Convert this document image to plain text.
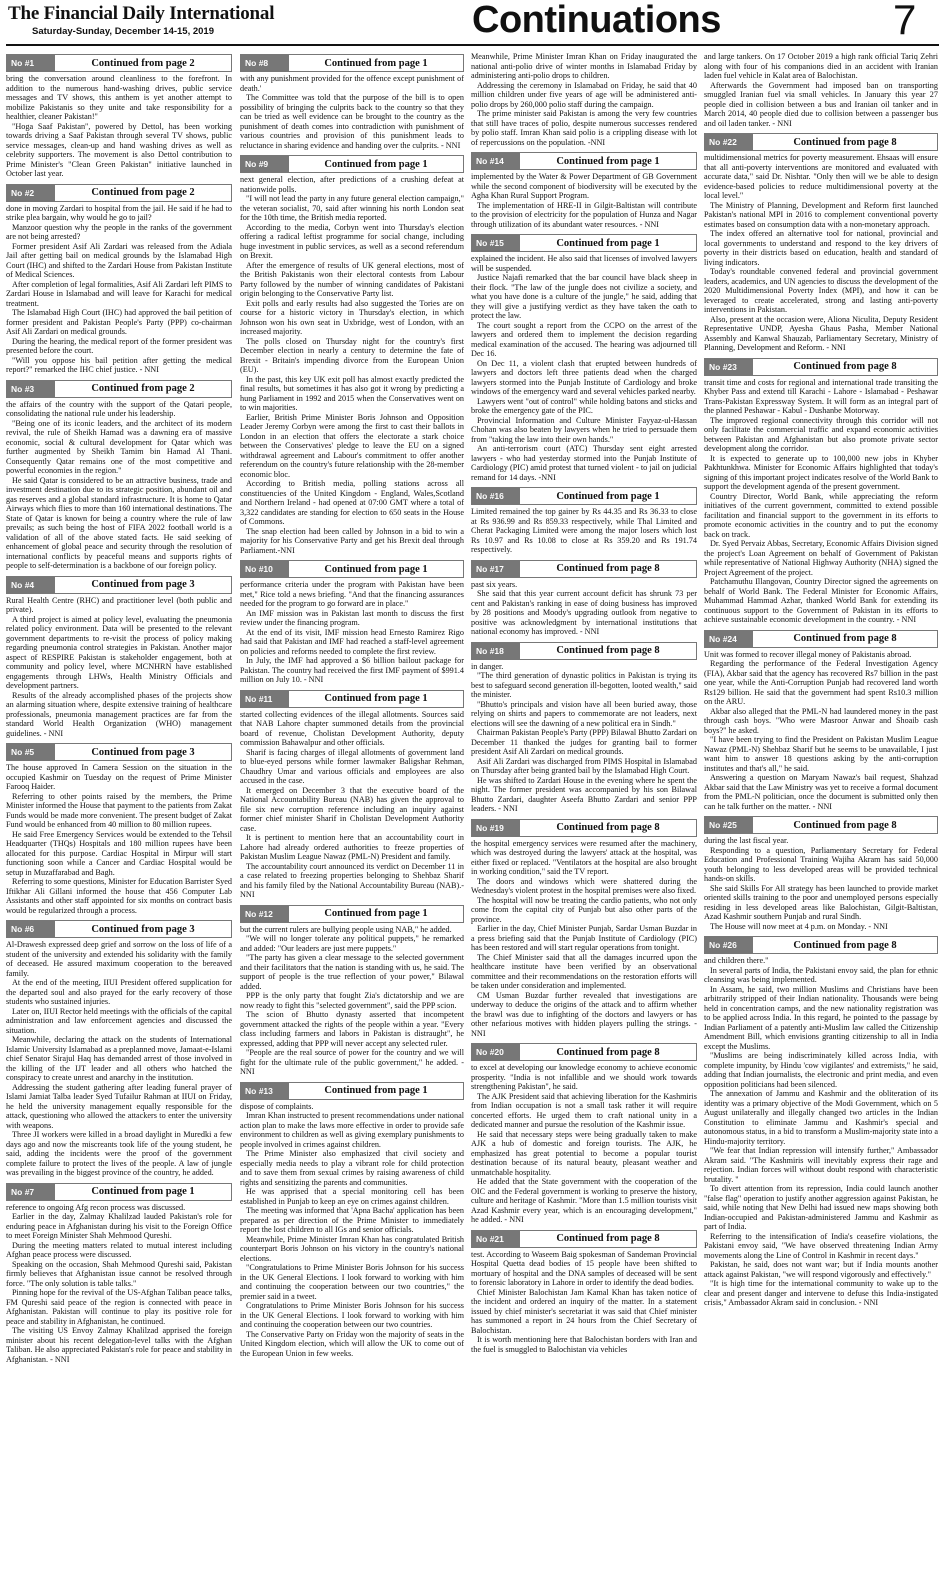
The Financial Daily International
Saturday-Sunday, December 14-15, 2019	Continuations	7
No #1	Continued from page 2

bring the conversation around cleanliness to the forefront. In addition to the numerous hand-washing drives, public service messages and TV shows, this anthem is yet another attempt to mobilize Pakistanis so they unite and take responsibility for a healthier, cleaner Pakistan!"

"Hoga Saaf Pakistan", powered by Dettol, has been working towards driving a Saaf Pakistan through several TV shows, public service messages, clean-up and hand washing drives as well as celebrity supporters. The movement is also Dettol contribution to Prime Minister's "Clean Green Pakistan" initiative launched in October last year.

No #2	Continued from page 2

done in moving Zardari to hospital from the jail. He said if he had to strike plea bargain, why would he go to jail?

Manzoor question why the people in the ranks of the government are not being arrested?

Former president Asif Ali Zardari was released from the Adiala Jail after getting bail on medical grounds by the Islamabad High Court (IHC) and shifted to the Zardari House from Pakistan Institute of Medical Sciences.

After completion of legal formalities, Asif Ali Zardari left PIMS to Zardari House in Islamabad and will leave for Karachi for medical treatment.

The Islamabad High Court (IHC) had approved the bail petition of former president and Pakistan People's Party (PPP) co-chairman Asif Ali Zardari on medical grounds.

During the hearing, the medical report of the former president was presented before the court.

"Will you oppose his bail petition after getting the medical report?" remarked the IHC chief justice. - NNI

No #3	Continued from page 2

the affairs of the country with the support of the Qatari people, consolidating the national rule under his leadership.

"Being one of its iconic leaders, and the architect of its modern revival, the rule of Sheikh Hamad was a dawning era of massive economic, social & cultural development for Qatar which was further augmented by Sheikh Tamim bin Hamad Al Thani. Consequently Qatar remains one of the most competitive and powerful economies in the region."

He said Qatar is considered to be an attractive business, trade and investment destination due to its strategic position, abundant oil and gas reserves and a global standard infrastructure. It is home to Qatar Airways which flies to more than 160 international destinations. The State of Qatar is known for being a country where the rule of law prevails; as such being the host of FIFA 2022 football world is a validation of all of the above stated facts. He said seeking of enhancement of global peace and security through the resolution of international conflicts by peaceful means and supports rights of people to self-determination is a backbone of our foreign policy.

No #4	Continued from page 3

Rural Health Centre (RHC) and practitioner level (both public and private).

A third project is aimed at policy level, evaluating the pneumonia related policy environment. Data will be presented to the relevant government departments to re-visit the process of policy making regarding pneumonia control strategies in Pakistan. Another major aspect of RESPIRE Pakistan is stakeholder engagement, both at community and policy level, where MCNHRN have established engagements through LHWs, Health Ministry Officials and development partners.

Results of the already accomplished phases of the projects show an alarming situation where, despite extensive training of healthcare professionals, pneumonia management practices are far from the standard World Health Organization (WHO) management guidelines. - NNI

No #5	Continued from page 3

The house approved In Camera Session on the situation in the occupied Kashmir on Tuesday on the request of Prime Minister Farooq Haider.

Referring to other points raised by the members, the Prime Minister informed the House that payment to the patients from Zakat Funds would be made more convenient. The present budget of Zakat Fund would be enhanced from 40 million to 80 million rupees.

He said Free Emergency Services would be extended to the Tehsil Headquarter (THQs) Hospitals and 180 million rupees have been allocated for this purpose. Cardiac Hospital in Mirpur will start functioning soon while a Cancer and Cardiac Hospital would be setup in Muzaffarabad and Bagh.

Referring to some questions, Minister for Education Barrister Syed Iftikhar Ali Gillani informed the house that 456 Computer Lab Assistants and other staff appointed for six months on contract basis would be regularized through a process.

No #6	Continued from page 3

Al-Drawesh expressed deep grief and sorrow on the loss of life of a student of the university and extended his solidarity with the family of deceased. He assured maximum cooperation to the bereaved family.

At the end of the meeting, IIUI President offered supplication for the departed soul and also prayed for the early recovery of those students who sustained injuries.

Later on, IIUI Rector held meetings with the officials of the capital administration and law enforcement agencies and discussed the situation.

Meanwhile, declaring the attack on the students of International Islamic University Islamabad as a preplanned move, Jamaat-e-Islami chief Senator Sirajul Haq has demanded arrest of those involved in the killing of the IJT leader and all others who hatched the conspiracy to create unrest and anarchy in the institution.

Addressing the student gathering after leading funeral prayer of Islami Jamiat Talba leader Syed Tufailur Rahman at IIUI on Friday, he held the university management equally responsible for the attack, questioning who allowed the attackers to enter the university with weapons.

Three JI workers were killed in a broad daylight in Muredki a few days ago and now the miscreants took life of the young student, he said, adding the incidents were the proof of the government complete failure to protect the lives of the people. A law of jungle was prevailing in the biggest province of the country, he added.

No #7	Continued from page 1

reference to ongoing Afg recon process was discussed.

Earlier in the day, Zalmay Khalilzad lauded Pakistan's role for enduring peace in Afghanistan during his visit to the Foreign Office to meet Foreign Minister Shah Mehmood Qureshi.

During the meeting matters related to mutual interest including Afghan peace process were discussed.

Speaking on the occasion, Shah Mehmood Qureshi said, Pakistan firmly believes that Afghanistan issue cannot be resolved through force. "The only solution is table talks."

Pinning hope for the revival of the US-Afghan Taliban peace talks, FM Qureshi said peace of the region is connected with peace in Afghanistan. Pakistan will continue to play its positive role for peace and stability in Afghanistan, he continued.

The visiting US Envoy Zalmay Khalilzad apprised the foreign minister about his recent delegation-level talks with the Afghan Taliban. He also appreciated Pakistan's role for peace and stability in Afghanistan. - NNI

No #8	Continued from page 1

with any punishment provided for the offence except punishment of death.'

The Committee was told that the purpose of the bill is to open possibility of bringing the culprits back to the country so that they can be tried as well evidence can be brought to the country as the punishment of death comes into contradiction with punishment of various countries and provision of this punishment leads to reluctance in sharing evidence and handing over the culprits. - NNI

No #9	Continued from page 1

next general election, after predictions of a crushing defeat at nationwide polls.

"I will not lead the party in any future general election campaign," the veteran socialist, 70, said after winning his north London seat for the 10th time, the British media reported.

According to the media, Corbyn went into Thursday's election offering a radical leftist programme for social change, including huge investment in public services, as well as a second referendum on Brexit.

After the emergence of results of UK general elections, most of the British Pakistanis won their electoral contests from Labour Party followed by the number of winning candidates of Pakistani origin belonging to the Conservative Party list.

Exit polls and early results had also suggested the Tories are on course for a historic victory in Thursday's election, in which Johnson won his own seat in Uxbridge, west of London, with an increased majority.

The polls closed on Thursday night for the country's first December election in nearly a century to determine the fate of Brexit - Britain's impending divorce from the European Union (EU).

In the past, this key UK exit poll has almost exactly predicted the final results, but sometimes it has also got it wrong by predicting a hung Parliament in 1992 and 2015 when the Conservatives went on to win majorities.

Earlier, British Prime Minister Boris Johnson and Opposition Leader Jeremy Corbyn were among the first to cast their ballots in London in an election that offers the electorate a stark choice between the Conservatives' pledge to leave the EU on a signed withdrawal agreement and Labour's commitment to offer another referendum on the country's future relationship with the 28-member economic bloc.

According to British media, polling stations across all constituencies of the United Kingdom - England, Wales,Scotland and Northern Ireland - had opened at 07:00 GMT where a total of 3,322 candidates are standing for election to 650 seats in the House of Commons.

The snap election had been called by Johnson in a bid to win a majority for his Conservative Party and get his Brexit deal through Parliament.-NNI

No #10	Continued from page 1

performance criteria under the program with Pakistan have been met," Rice told a news briefing. "And that the financing assurances needed for the program to go forward are in place."

An IMF mission was in Pakistan last month to discuss the first review under the financing program.

At the end of its visit, IMF mission head Ernesto Ramirez Rigo had said that Pakistan and IMF had reached a staff-level agreement on policies and reforms needed to complete the first review.

In July, the IMF had approved a $6 billion bailout package for Pakistan. The country had received the first IMF payment of $991.4 million on July 10. - NNI

No #11	Continued from page 1

started collecting evidences of the illegal allotments. Sources said that NAB Lahore chapter summoned details from the provincial board of revenue, Cholistan Development Authority, deputy commission Bahawalpur and other officials.

Sharif is facing charges of illegal allotments of government land to blue-eyed persons while former lawmaker Baligshar Rehman, Chaudhry Umar and various officials and employees are also accused in the case.

It emerged on December 3 that the executive board of the National Accountability Bureau (NAB) has given the approval to file six new corruption reference including an inquiry against former chief minister Sharif in Cholistan Development Authority case.

It is pertinent to mention here that an accountability court in Lahore had already ordered authorities to freeze properties of Pakistan Muslim League Nawaz (PML-N) President and family.

The accountability court announced its verdict on December 11 in a case related to freezing properties belonging to Shehbaz Sharif and his family filed by the National Accountability Bureau (NAB).- NNI

No #12	Continued from page 1

but the current rulers are bullying people using NAB," he added.

"We will no longer tolerate any political puppets," he remarked and added: "Our leaders are just mere puppets."

"The party has given a clear message to the selected government and their facilitators that the nation is standing with us, he said. The support of people is the true reflection of your power," Bilawal added.

PPP is the only party that fought Zia's dictatorship and we are now ready to fight this "selected government", said the PPP scion.

The scion of Bhutto dynasty asserted that incompetent government attacked the rights of the people within a year. "Every class including farmers and labors in Pakistan is distraught", he expressed, adding that PPP will never accept any selected ruler.

"People are the real source of power for the country and we will fight for the ultimate rule of the public government," he added. -NNI

No #13	Continued from page 1

dispose of complaints.

Imran Khan instructed to present recommendations under national action plan to make the laws more effective in order to provide safe environment to children as well as giving exemplary punishments to people involved in crimes against children.

The Prime Minister also emphasized that civil society and especially media needs to play a vibrant role for child protection and to save them from sexual crimes by raising awareness of child rights and sensitizing the parents and communities.

He was apprised that a special monitoring cell has been established in Punjab to keep an eye on crimes against children.

The meeting was informed that 'Apna Bacha' application has been prepared as per direction of the Prime Minister to immediately report the lost children to all IGs and senior officials.

Meanwhile, Prime Minister Imran Khan has congratulated British counterpart Boris Johnson on his victory in the country's national elections.

"Congratulations to Prime Minister Boris Johnson for his success in the UK General Elections. I look forward to working with him and continuing the cooperation between our two countries," the premier said in a tweet.

Congratulations to Prime Minister Boris Johnson for his success in the UK General Elections. I look forward to working with him and continuing the cooperation between our two countries.

The Conservative Party on Friday won the majority of seats in the United Kingdom election, which will allow the UK to come out of the European Union in few weeks.

Meanwhile, Prime Minister Imran Khan on Friday inaugurated the national anti-polio drive of winter months in Islamabad Friday by administering anti-polio drops to children.

Addressing the ceremony in Islamabad on Friday, he said that 40 million children under five years of age will be administered anti-polio drops by 260,000 polio staff during the campaign.

The prime minister said Pakistan is among the very few countries that still have traces of polio, despite numerous successes rendered by polio staff. Imran Khan said polio is a crippling disease with lot of repercussions on the population. -NNI

No #14	Continued from page 1

implemented by the Water & Power Department of GB Government while the second component of biodiversity will be executed by the Agha Khan Rural Support Program.

The implementation of HRE-II in Gilgit-Baltistan will contribute to the provision of electricity for the population of Hunza and Nagar through utilization of its abundant water resources. - NNI

No #15	Continued from page 1

explained the incident. He also said that licenses of involved lawyers will be suspended.

Justice Najafi remarked that the bar council have black sheep in their flock. "The law of the jungle does not civilize a society, and what you have done is a culture of the jungle," he said, adding that they will give a justifying verdict as they have taken the oath to protect the law.

The court sought a report from the CCPO on the arrest of the lawyers and ordered them to implement the decision regarding medical examination of the accused. The hearing was adjourned till Dec 16.

On Dec 11, a violent clash that erupted between hundreds of lawyers and doctors left three patients dead when the charged lawyers stormed into the Punjab Institute of Cardiology and broke windows of the emergency ward and several vehicles parked nearby.

Lawyers went "out of control" while holding batons and sticks and broke the emergency gate of the PIC.

Provincial Information and Culture Minister Fayyaz-ul-Hassan Chohan was also beaten by lawyers when he tried to persuade them from "taking the law into their own hands."

An anti-terrorism court (ATC) Thursday sent eight arrested lawyers - who had yesterday stormed into the Punjab Institute of Cardiology (PIC) amid protest that turned violent - to jail on judicial remand for 14 days. -NNI

No #16	Continued from page 1

Limited remained the top gainer by Rs 44.35 and Rs 36.33 to close at Rs 936.99 and Rs 859.33 respectively, while Thal Limited and Cherat Packaging Limited were among the major losers which lost Rs 10.97 and Rs 10.08 to close at Rs 359.20 and Rs 191.74 respectively.

No #17	Continued from page 8

past six years.

She said that this year current account deficit has shrunk 73 per cent and Pakistan's ranking in ease of doing business has improved by 28 positions and Moody's upgrading outlook from negative to positive was acknowledgment by international institutions that national economy has improved. - NNI

No #18	Continued from page 8

in danger.

"The third generation of dynastic politics in Pakistan is trying its best to safeguard second generation ill-begotten, looted wealth," said the minister.

"Bhutto's principals and vision have all been buried away, those relying on shirts and papers to commemorate are not leaders, next elections will see the dawning of a new political era in Sindh."

Chairman Pakistan People's Party (PPP) Bilawal Bhutto Zardari on December 11 thanked the judges for granting bail to former president Asif Ali Zardari on medical grounds.

Asif Ali Zardari was discharged from PIMS Hospital in Islamabad on Thursday after being granted bail by the Islamabad High Court.

He was shifted to Zardari House in the evening where he spent the night. The former president was accompanied by his son Bilawal Bhutto Zardari, daughter Aseefa Bhutto Zardari and senior PPP leaders. - NNI

No #19	Continued from page 8

the hospital emergency services were resumed after the machinery, which was destroyed during the lawyers' attack at the hospital, was either fixed or replaced. "Ventilators at the hospital are also brought in working condition," said the TV report.

The doors and windows which were shattered during the Wednesday's violent protest in the hospital premises were also fixed.

The hospital will now be treating the cardio patients, who not only come from the capital city of Punjab but also other parts of the province.

Earlier in the day, Chief Minister Punjab, Sardar Usman Buzdar in a press briefing said that the Punjab Institute of Cardiology (PIC) has been restored and will start regular operations from tonight.

The Chief Minister said that all the damages incurred upon the healthcare institute have been verified by an observational committee and their recommendations on the restoration efforts will be taken under consideration and implemented.

CM Usman Buzdar further revealed that investigations are underway to deduce the origins of the attack and to affirm whether the brawl was due to infighting of the doctors and lawyers or has other nefarious motives with hidden players pulling the strings. - NNI

No #20	Continued from page 8

to excel at developing our knowledge economy to achieve economic prosperity. "India is not infallible and we should work towards strengthening Pakistan", he said.

The AJK President said that achieving liberation for the Kashmiris from Indian occupation is not a small task rather it will require concerted efforts. He urged them to craft national unity in a dedicated manner and pursue the resolution of the Kashmir issue.

He said that necessary steps were being gradually taken to make AJK a hub of domestic and foreign tourists. The AJK, he emphasized has great potential to become a popular tourist destination because of its natural beauty, pleasant weather and unmatchable hospitality.

He added that the State government with the cooperation of the OIC and the Federal government is working to preserve the history, culture and heritage of Kashmir. "More than 1.5 million tourists visit Azad Kashmir every year, which is an encouraging development," he added. - NNI

No #21	Continued from page 8

test. According to Waseem Baig spokesman of Sandeman Provincial Hospital Quetta dead bodies of 15 people have been shifted to mortuary of hospital and the DNA samples of deceased will be sent to forensic laboratory in Lahore in order to identify the dead bodies.

Chief Minister Balochistan Jam Kamal Khan has taken notice of the incident and ordered an inquiry of the matter. In a statement issued by chief minister's secretariat it was said that Chief minister has summoned a report in 24 hours from the Chief Secretary of Balochistan.

It is worth mentioning here that Balochistan borders with Iran and the fuel is smuggled to Balochistan via vehicles

and large tankers. On 17 October 2019 a high rank official Tariq Zehri along with four of his companions died in an accident with Iranian laden fuel vehicle in Kalat area of Balochistan.

Afterwards the Government had imposed ban on transporting smuggled Iranian fuel via small vehicles. In January this year 27 people died in collision between a bus and Iranian oil tanker and in March 2014, 40 people died due to collision between a passenger bus and oil laden tanker. - NNI

No #22	Continued from page 8

multidimensional metrics for poverty measurement. Ehsaas will ensure that all anti-poverty interventions are monitored and evaluated with accurate data," said Dr. Nishtar. "Only then will we be able to design evidence-based policies to reduce multidimensional poverty at the local level."

The Ministry of Planning, Development and Reform first launched Pakistan's national MPI in 2016 to complement conventional poverty estimates based on consumption data with a non-monetary approach.

The index offered an alternative tool for national, provincial and local governments to understand and respond to the key drivers of poverty in their districts based on education, health and standard of living indicators.

Today's roundtable convened federal and provincial government leaders, academics, and UN agencies to discuss the development of the 2020 Multidimensional Poverty Index (MPI), and how it can be leveraged to create accelerated, strong and lasting anti-poverty interventions in Pakistan.

Also, present at the occasion were, Aliona Niculita, Deputy Resident Representative UNDP, Ayesha Ghaus Pasha, Member National Assembly and Kanwal Shauzab, Parliamentary Secretary, Ministry of Planning, Development and Reform. - NNI

No #23	Continued from page 8

transit time and costs for regional and international trade transiting the Khyber Pass and extend till Karachi - Lahore - Islamabad - Peshawar Trans-Pakistan Expressway System. It will form as an integral part of the planned Peshawar - Kabul - Dushanbe Motorway.

The improved regional connectivity through this corridor will not only facilitate the commercial traffic and expand economic activities between Pakistan and Afghanistan but also promote private sector development along the corridor.

It is expected to generate up to 100,000 new jobs in Khyber Pakhtunkhwa. Minister for Economic Affairs highlighted that today's signing of this important project indicates resolve of the World Bank to support the development agenda of the present government.

Country Director, World Bank, while appreciating the reform initiatives of the current government, committed to extend possible facilitation and financial support to the government in its efforts to promote economic activities in the country and to put the economy back on track.

Dr. Syed Pervaiz Abbas, Secretary, Economic Affairs Division signed the project's Loan Agreement on behalf of Government of Pakistan while representative of National Highway Authority (NHA) signed the Project Agreement of the project.

Patchamuthu Illangovan, Country Director signed the agreements on behalf of World Bank. The Federal Minister for Economic Affairs, Muhammad Hammad Azhar, thanked World Bank for extending its continuous support to the Government of Pakistan in its efforts to achieve sustainable economic development in the country. - NNI

No #24	Continued from page 8

Unit was formed to recover illegal money of Pakistanis abroad.

Regarding the performance of the Federal Investigation Agency (FIA), Akbar said that the agency has recovered Rs7 billion in the past one year, while the Anti-Corruption Punjab had recovered land worth Rs129 billion. He said that the government had spent Rs10.3 million on the ARU.

Akbar also alleged that the PML-N had laundered money in the past through cash boys. "Who were Masroor Anwar and Shoaib cash boys?" he asked.

"I have been trying to find the President on Pakistan Muslim League Nawaz (PML-N) Shehbaz Sharif but he seems to be unavailable, I just want him to answer 18 questions asking by the anti-corruption institutes and that's all," he said.

Answering a question on Maryam Nawaz's bail request, Shahzad Akbar said that the Law Ministry was yet to receive a formal document from the PML-N politician, once the document is submitted only then can he talk further on the matter. - NNI

No #25	Continued from page 8

during the last fiscal year.

Responding to a question, Parliamentary Secretary for Federal Education and Professional Training Wajiha Akram has said 50,000 youth belonging to less developed areas will be provided technical hands-on skills.

She said Skills For All strategy has been launched to provide market oriented skills training to the poor and unemployed persons especially residing in less developed areas like Balochistan, Gilgit-Baltistan, Azad Kashmir southern Punjab and rural Sindh.

The House will now meet at 4 p.m. on Monday. - NNI

No #26	Continued from page 8

and children there."

In several parts of India, the Pakistani envoy said, the plan for ethnic cleansing was being implemented.

In Assam, he said, two million Muslims and Christians have been arbitrarily stripped of their Indian nationality. Thousands were being held in concentration camps, and the new nationality registration was to be applied across India. In this regard, he pointed to the passage by Indian Parliament of a patently anti-Muslim law called the Citizenship Amendment Bill, which envisions granting citizenship to all in India except the Muslims.

"Muslims are being indiscriminately killed across India, with complete impunity, by Hindu 'cow vigilantes' and extremists," he said, adding that Indian journalists, the electronic and print media, and even opposition politicians had been silenced.

The annexation of Jammu and Kashmir and the obliteration of its identity was a primary objective of the Modi Government, which on 5 August unilaterally and illegally changed two articles in the Indian Constitution to eliminate Jammu and Kashmir's special and autonomous status, in a bid to transform a Muslim-majority state into a Hindu-majority territory.

"We fear that Indian repression will intensify further," Ambassador Akram said. "The Kashmiris will inevitably express their rage and rejection. Indian forces will without doubt respond with characteristic brutality. "

To divert attention from its repression, India could launch another "false flag" operation to justify another aggression against Pakistan, he said, while noting that New Delhi had issued new maps showing both Indian-occupied and Pakistan-administered Jammu and Kashmir as part of India.

Referring to the intensification of India's ceasefire violations, the Pakistani envoy said, "We have observed threatening Indian Army movements along the Line of Control in Kashmir in recent days."

Pakistan, he said, does not want war; but if India mounts another attack against Pakistan, "we will respond vigorously and effectively."

"It is high time for the international community to wake up to the clear and present danger and intervene to defuse this India-instigated crisis," Ambassador Akram said in conclusion. - NNI
